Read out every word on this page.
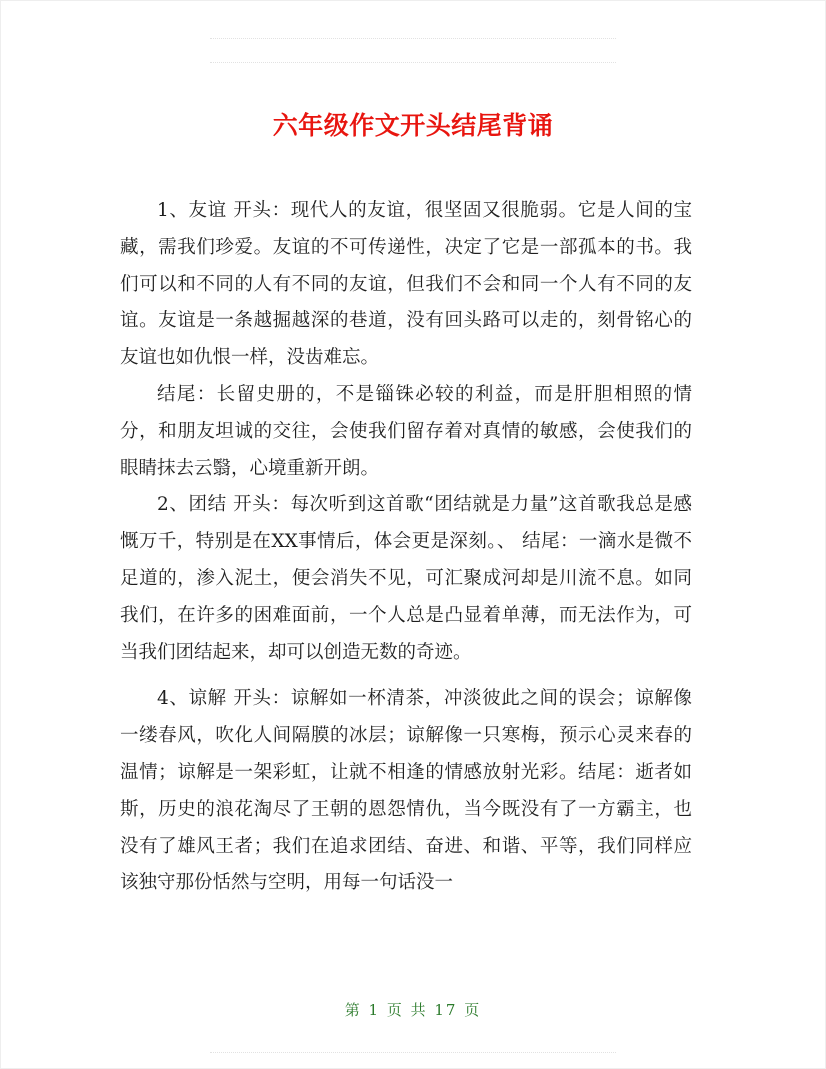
六年级作文开头结尾背诵

1、友谊 开头：现代人的友谊，很坚固又很脆弱。它是人间的宝藏，需我们珍爱。友谊的不可传递性，决定了它是一部孤本的书。我们可以和不同的人有不同的友谊，但我们不会和同一个人有不同的友谊。友谊是一条越掘越深的巷道，没有回头路可以走的，刻骨铭心的友谊也如仇恨一样，没齿难忘。

结尾：长留史册的，不是锱铢必较的利益，而是肝胆相照的情分，和朋友坦诚的交往，会使我们留存着对真情的敏感，会使我们的眼睛抹去云翳，心境重新开朗。

2、团结 开头：每次听到这首歌“团结就是力量”这首歌我总是感慨万千，特别是在XX事情后，体会更是深刻。、 结尾：一滴水是微不足道的，渗入泥土，便会消失不见，可汇聚成河却是川流不息。如同我们，在许多的困难面前，一个人总是凸显着单薄，而无法作为，可当我们团结起来，却可以创造无数的奇迹。

4、谅解 开头：谅解如一杯清茶，冲淡彼此之间的误会；谅解像一缕春风，吹化人间隔膜的冰层；谅解像一只寒梅，预示心灵来春的温情；谅解是一架彩虹，让就不相逢的情感放射光彩。结尾：逝者如斯，历史的浪花淘尽了王朝的恩怨情仇，当今既没有了一方霸主，也没有了雄风王者；我们在追求团结、奋进、和谐、平等，我们同样应该独守那份恬然与空明，用每一句话没一

第 1 页 共 17 页
